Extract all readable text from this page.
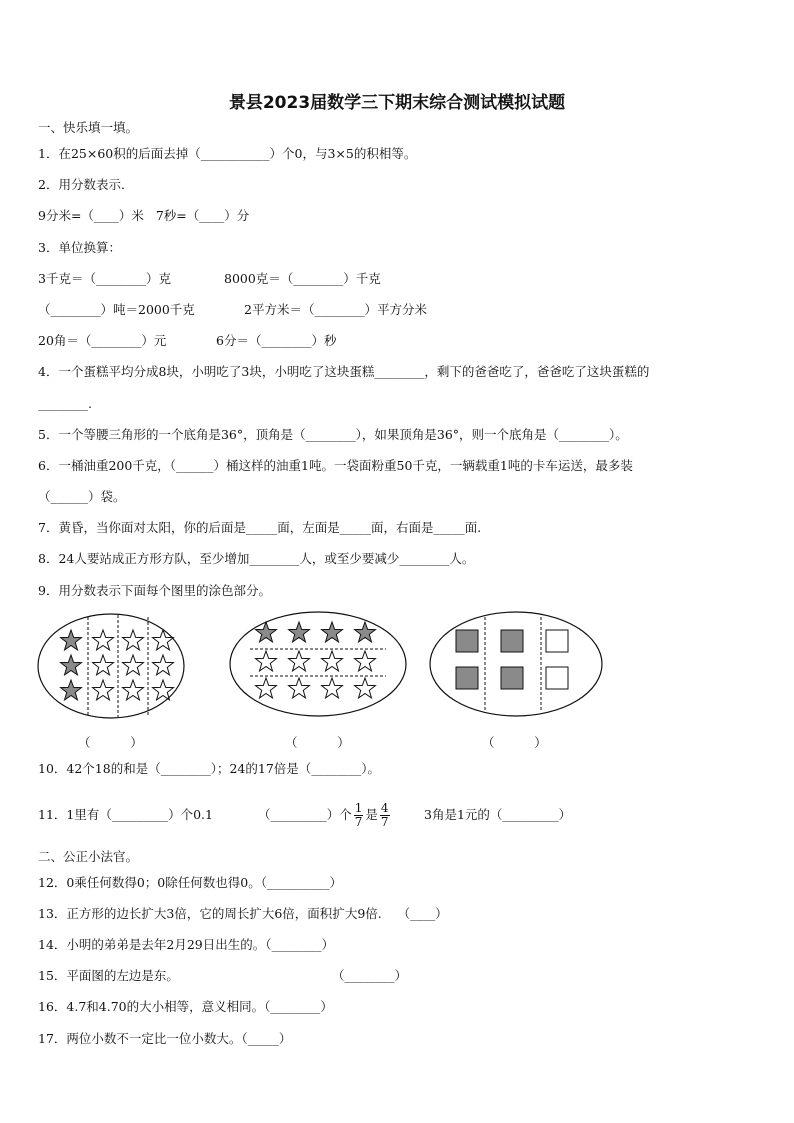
景县2023届数学三下期末综合测试模拟试题
一、快乐填一填。
1．在25×60积的后面去掉（___________）个0，与3×5的积相等。
2．用分数表示．
9分米=（____）米   7秒=（____）分
3．单位换算：
3千克＝（________）克	8000克＝（________）千克
（________）吨＝2000千克	2平方米＝（________）平方分米
20角＝（________）元	6分＝（________）秒
4．一个蛋糕平均分成8块，小明吃了3块，小明吃了这块蛋糕________，剩下的爸爸吃了，爸爸吃了这块蛋糕的
________.
5．一个等腰三角形的一个底角是36°，顶角是（________），如果顶角是36°，则一个底角是（________）。
6．一桶油重200千克，（______）桶这样的油重1吨。一袋面粉重50千克，一辆载重1吨的卡车运送，最多装
（______）袋。
7．黄昏，当你面对太阳，你的后面是_____面，左面是_____面，右面是_____面.
8．24人要站成正方形方队，至少增加________人，或至少要减少________人。
9．用分数表示下面每个图里的涂色部分。
（          ）	（          ）	（          ）
10．42个18的和是（________）；24的17倍是（________）。
11．1里有（_________）个0.1	（_________）个 $\frac{1}{7}$ 是 $\frac{4}{7}$	3角是1元的（_________）
二、公正小法官。
12．0乘任何数得0；0除任何数也得0。（__________）
13．正方形的边长扩大3倍，它的周长扩大6倍，面积扩大9倍.    （____）
14．小明的弟弟是去年2月29日出生的。（________）
15．平面图的左边是东。	（________）
16．4.7和4.70的大小相等，意义相同。（________）
17．两位小数不一定比一位小数大。（_____）
